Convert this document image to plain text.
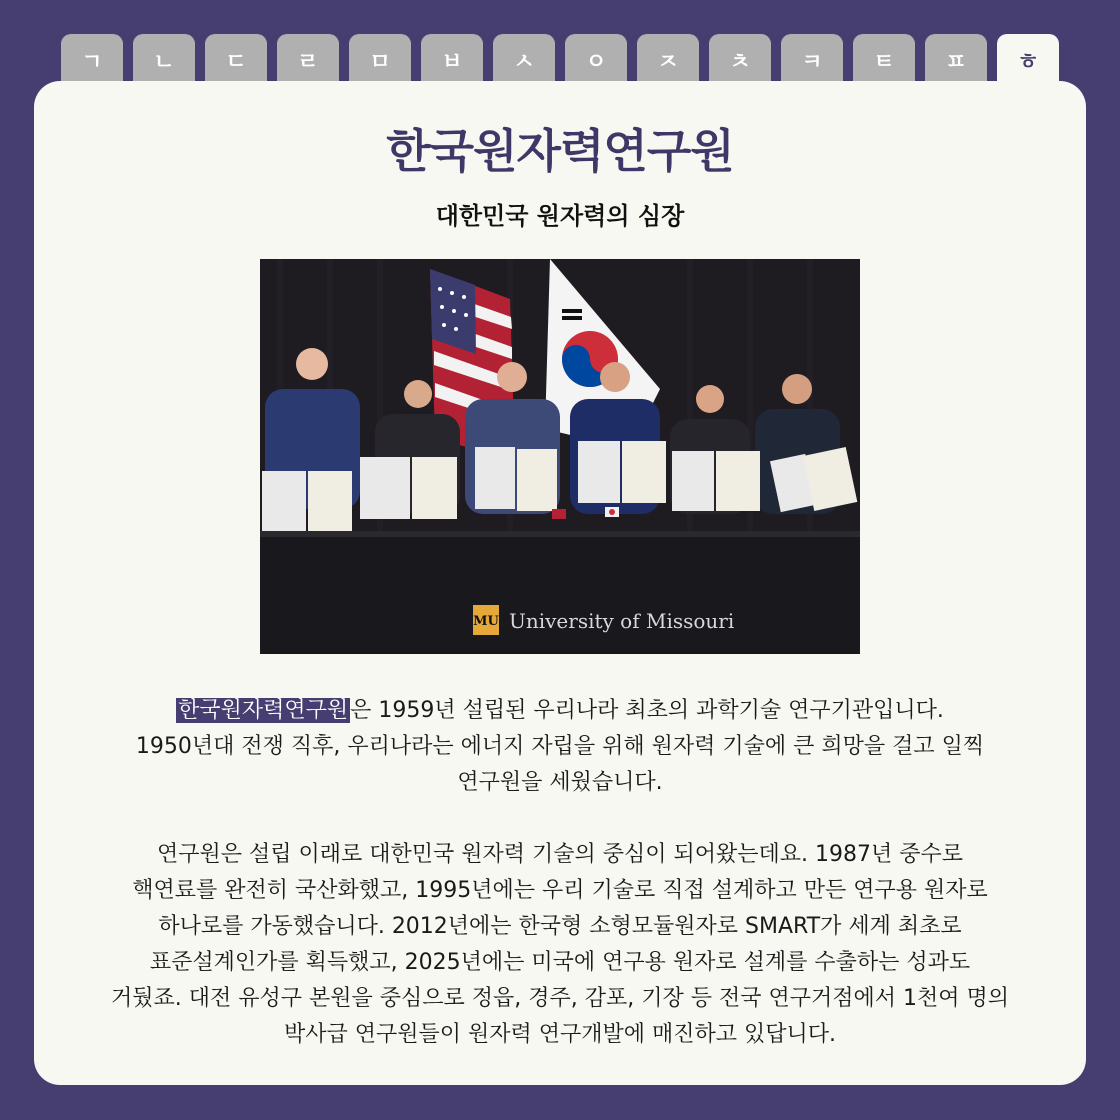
ㄱ	ㄴ	ㄷ	ㄹ	ㅁ	ㅂ	ㅅ	ㅇ	ㅈ	ㅊ	ㅋ	ㅌ	ㅍ	ㅎ
한국원자력연구원
대한민국 원자력의 심장
MU University of Missouri

한국원자력연구원은 1959년 설립된 우리나라 최초의 과학기술 연구기관입니다.
1950년대 전쟁 직후, 우리나라는 에너지 자립을 위해 원자력 기술에 큰 희망을 걸고 일찍
연구원을 세웠습니다.

연구원은 설립 이래로 대한민국 원자력 기술의 중심이 되어왔는데요. 1987년 중수로
핵연료를 완전히 국산화했고, 1995년에는 우리 기술로 직접 설계하고 만든 연구용 원자로
하나로를 가동했습니다. 2012년에는 한국형 소형모듈원자로 SMART가 세계 최초로
표준설계인가를 획득했고, 2025년에는 미국에 연구용 원자로 설계를 수출하는 성과도
거뒀죠. 대전 유성구 본원을 중심으로 정읍, 경주, 감포, 기장 등 전국 연구거점에서 1천여 명의
박사급 연구원들이 원자력 연구개발에 매진하고 있답니다.
